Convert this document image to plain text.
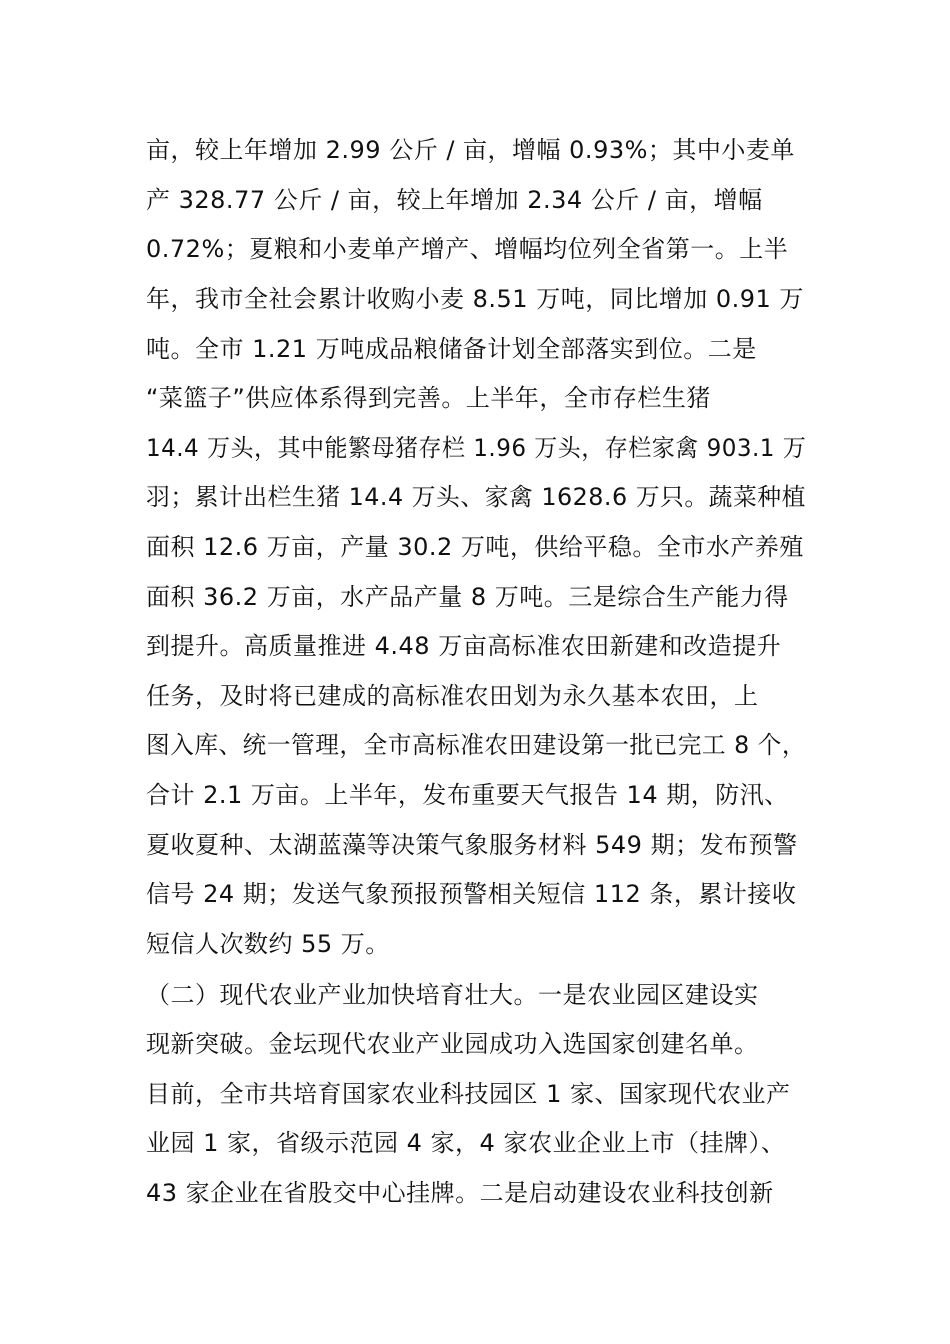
亩，较上年增加 2.99 公斤 / 亩，增幅 0.93%；其中小麦单
产 328.77 公斤 / 亩，较上年增加 2.34 公斤 / 亩，增幅
0.72%；夏粮和小麦单产增产、增幅均位列全省第一。上半
年，我市全社会累计收购小麦 8.51 万吨，同比增加 0.91 万
吨。全市 1.21 万吨成品粮储备计划全部落实到位。二是
“菜篮子”供应体系得到完善。上半年，全市存栏生猪
14.4 万头，其中能繁母猪存栏 1.96 万头，存栏家禽 903.1 万
羽；累计出栏生猪 14.4 万头、家禽 1628.6 万只。蔬菜种植
面积 12.6 万亩，产量 30.2 万吨，供给平稳。全市水产养殖
面积 36.2 万亩，水产品产量 8 万吨。三是综合生产能力得
到提升。高质量推进 4.48 万亩高标准农田新建和改造提升
任务，及时将已建成的高标准农田划为永久基本农田，上
图入库、统一管理，全市高标准农田建设第一批已完工 8 个，
合计 2.1 万亩。上半年，发布重要天气报告 14 期，防汛、
夏收夏种、太湖蓝藻等决策气象服务材料 549 期；发布预警
信号 24 期；发送气象预报预警相关短信 112 条，累计接收
短信人次数约 55 万。
（二）现代农业产业加快培育壮大。一是农业园区建设实
现新突破。金坛现代农业产业园成功入选国家创建名单。
目前，全市共培育国家农业科技园区 1 家、国家现代农业产
业园 1 家，省级示范园 4 家，4 家农业企业上市（挂牌）、
43 家企业在省股交中心挂牌。二是启动建设农业科技创新
